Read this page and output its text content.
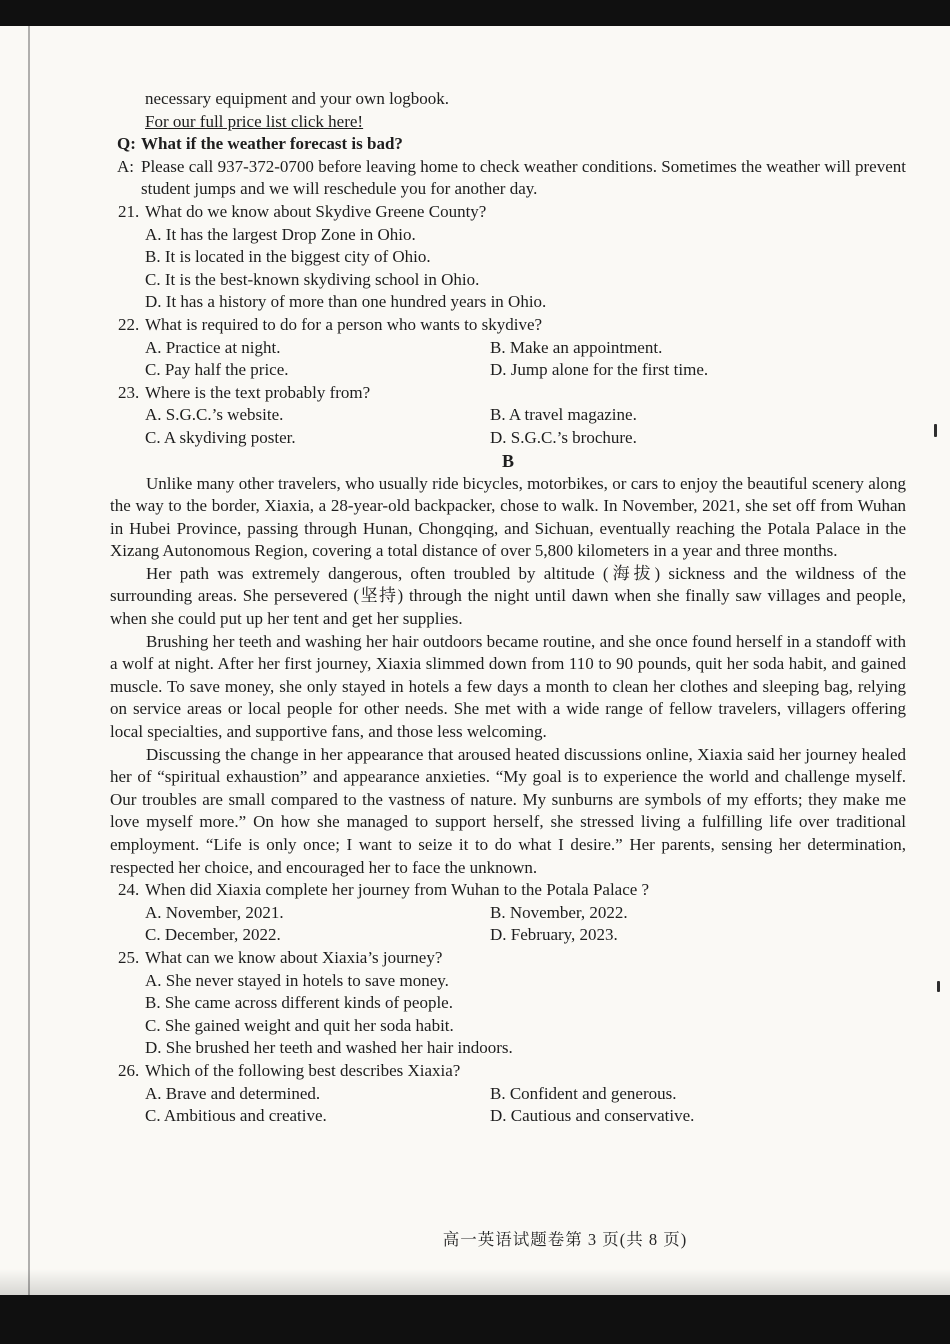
necessary equipment and your own logbook.

For our full price list click here!

Q: What if the weather forecast is bad?
A: Please call 937-372-0700 before leaving home to check weather conditions. Sometimes the weather will prevent student jumps and we will reschedule you for another day.
21. What do we know about Skydive Greene County?
A. It has the largest Drop Zone in Ohio.
B. It is located in the biggest city of Ohio.
C. It is the best-known skydiving school in Ohio.
D. It has a history of more than one hundred years in Ohio.
22. What is required to do for a person who wants to skydive?
A. Practice at night.	B. Make an appointment.
C. Pay half the price.	D. Jump alone for the first time.
23. Where is the text probably from?
A. S.G.C.’s website.	B. A travel magazine.
C. A skydiving poster.	D. S.G.C.’s brochure.
B

Unlike many other travelers, who usually ride bicycles, motorbikes, or cars to enjoy the beautiful scenery along the way to the border, Xiaxia, a 28-year-old backpacker, chose to walk. In November, 2021, she set off from Wuhan in Hubei Province, passing through Hunan, Chongqing, and Sichuan, eventually reaching the Potala Palace in the Xizang Autonomous Region, covering a total distance of over 5,800 kilometers in a year and three months.

Her path was extremely dangerous, often troubled by altitude (海拔) sickness and the wildness of the surrounding areas. She persevered (坚持) through the night until dawn when she finally saw villages and people, when she could put up her tent and get her supplies.

Brushing her teeth and washing her hair outdoors became routine, and she once found herself in a standoff with a wolf at night. After her first journey, Xiaxia slimmed down from 110 to 90 pounds, quit her soda habit, and gained muscle. To save money, she only stayed in hotels a few days a month to clean her clothes and sleeping bag, relying on service areas or local people for other needs. She met with a wide range of fellow travelers, villagers offering local specialties, and supportive fans, and those less welcoming.

Discussing the change in her appearance that aroused heated discussions online, Xiaxia said her journey healed her of “spiritual exhaustion” and appearance anxieties. “My goal is to experience the world and challenge myself. Our troubles are small compared to the vastness of nature. My sunburns are symbols of my efforts; they make me love myself more.” On how she managed to support herself, she stressed living a fulfilling life over traditional employment. “Life is only once; I want to seize it to do what I desire.” Her parents, sensing her determination, respected her choice, and encouraged her to face the unknown.

24. When did Xiaxia complete her journey from Wuhan to the Potala Palace ?
A. November, 2021.	B. November, 2022.
C. December, 2022.	D. February, 2023.
25. What can we know about Xiaxia’s journey?
A. She never stayed in hotels to save money.
B. She came across different kinds of people.
C. She gained weight and quit her soda habit.
D. She brushed her teeth and washed her hair indoors.
26. Which of the following best describes Xiaxia?
A. Brave and determined.	B. Confident and generous.
C. Ambitious and creative.	D. Cautious and conservative.
高一英语试题卷第 3 页(共 8 页)
